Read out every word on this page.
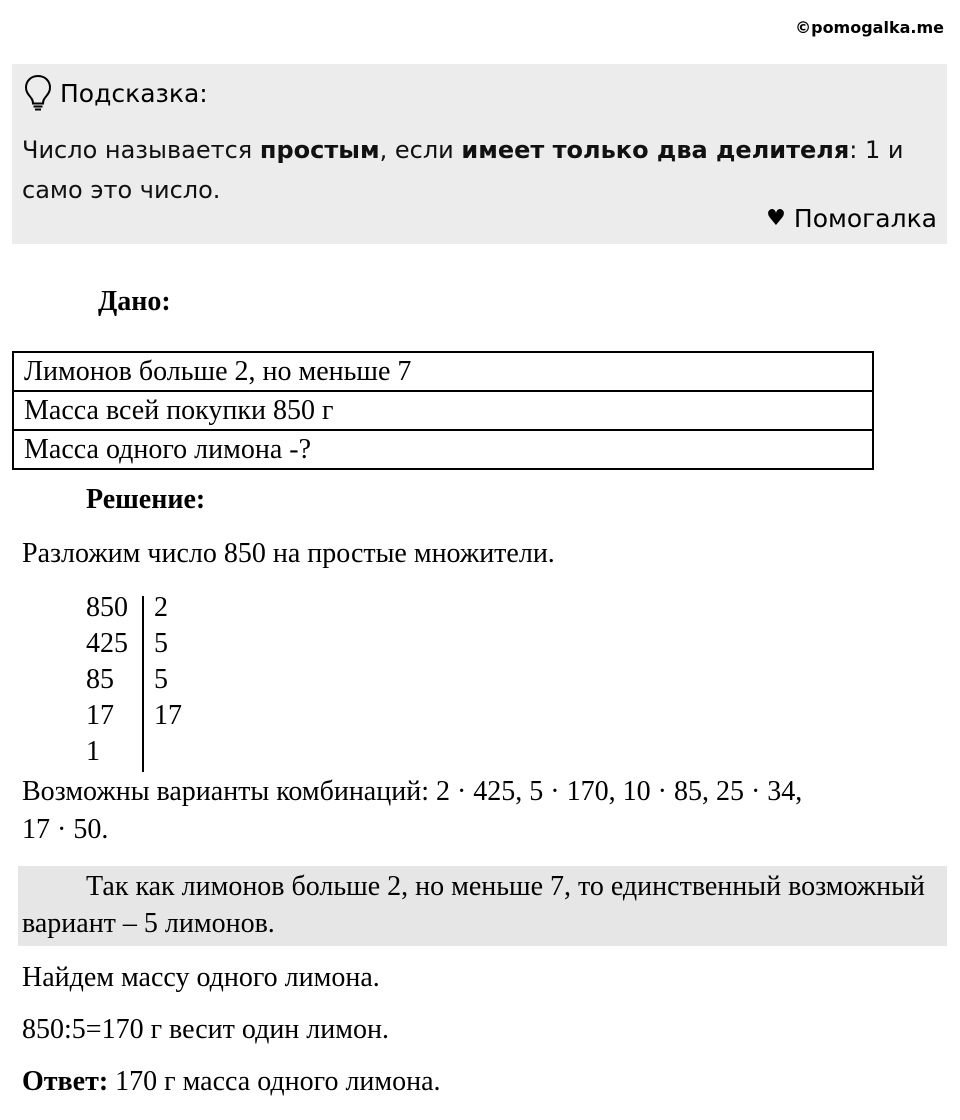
©pomogalka.me
Подсказка:
Число называется простым, если имеет только два делителя: 1 и само это число.
♥ Помогалка
Дано:
Лимонов больше 2, но меньше 7
Масса всей покупки 850 г
Масса одного лимона -?
Решение:
Разложим число 850 на простые множители.
850 2
425 5
85	5
17	17
1
Возможны варианты комбинаций: 2 · 425, 5 · 170, 10 · 85, 25 · 34,
17 · 50.
Так как лимонов больше 2, но меньше 7, то единственный возможный вариант – 5 лимонов.
Найдем массу одного лимона.
850:5=170 г весит один лимон.
Ответ: 170 г масса одного лимона.
